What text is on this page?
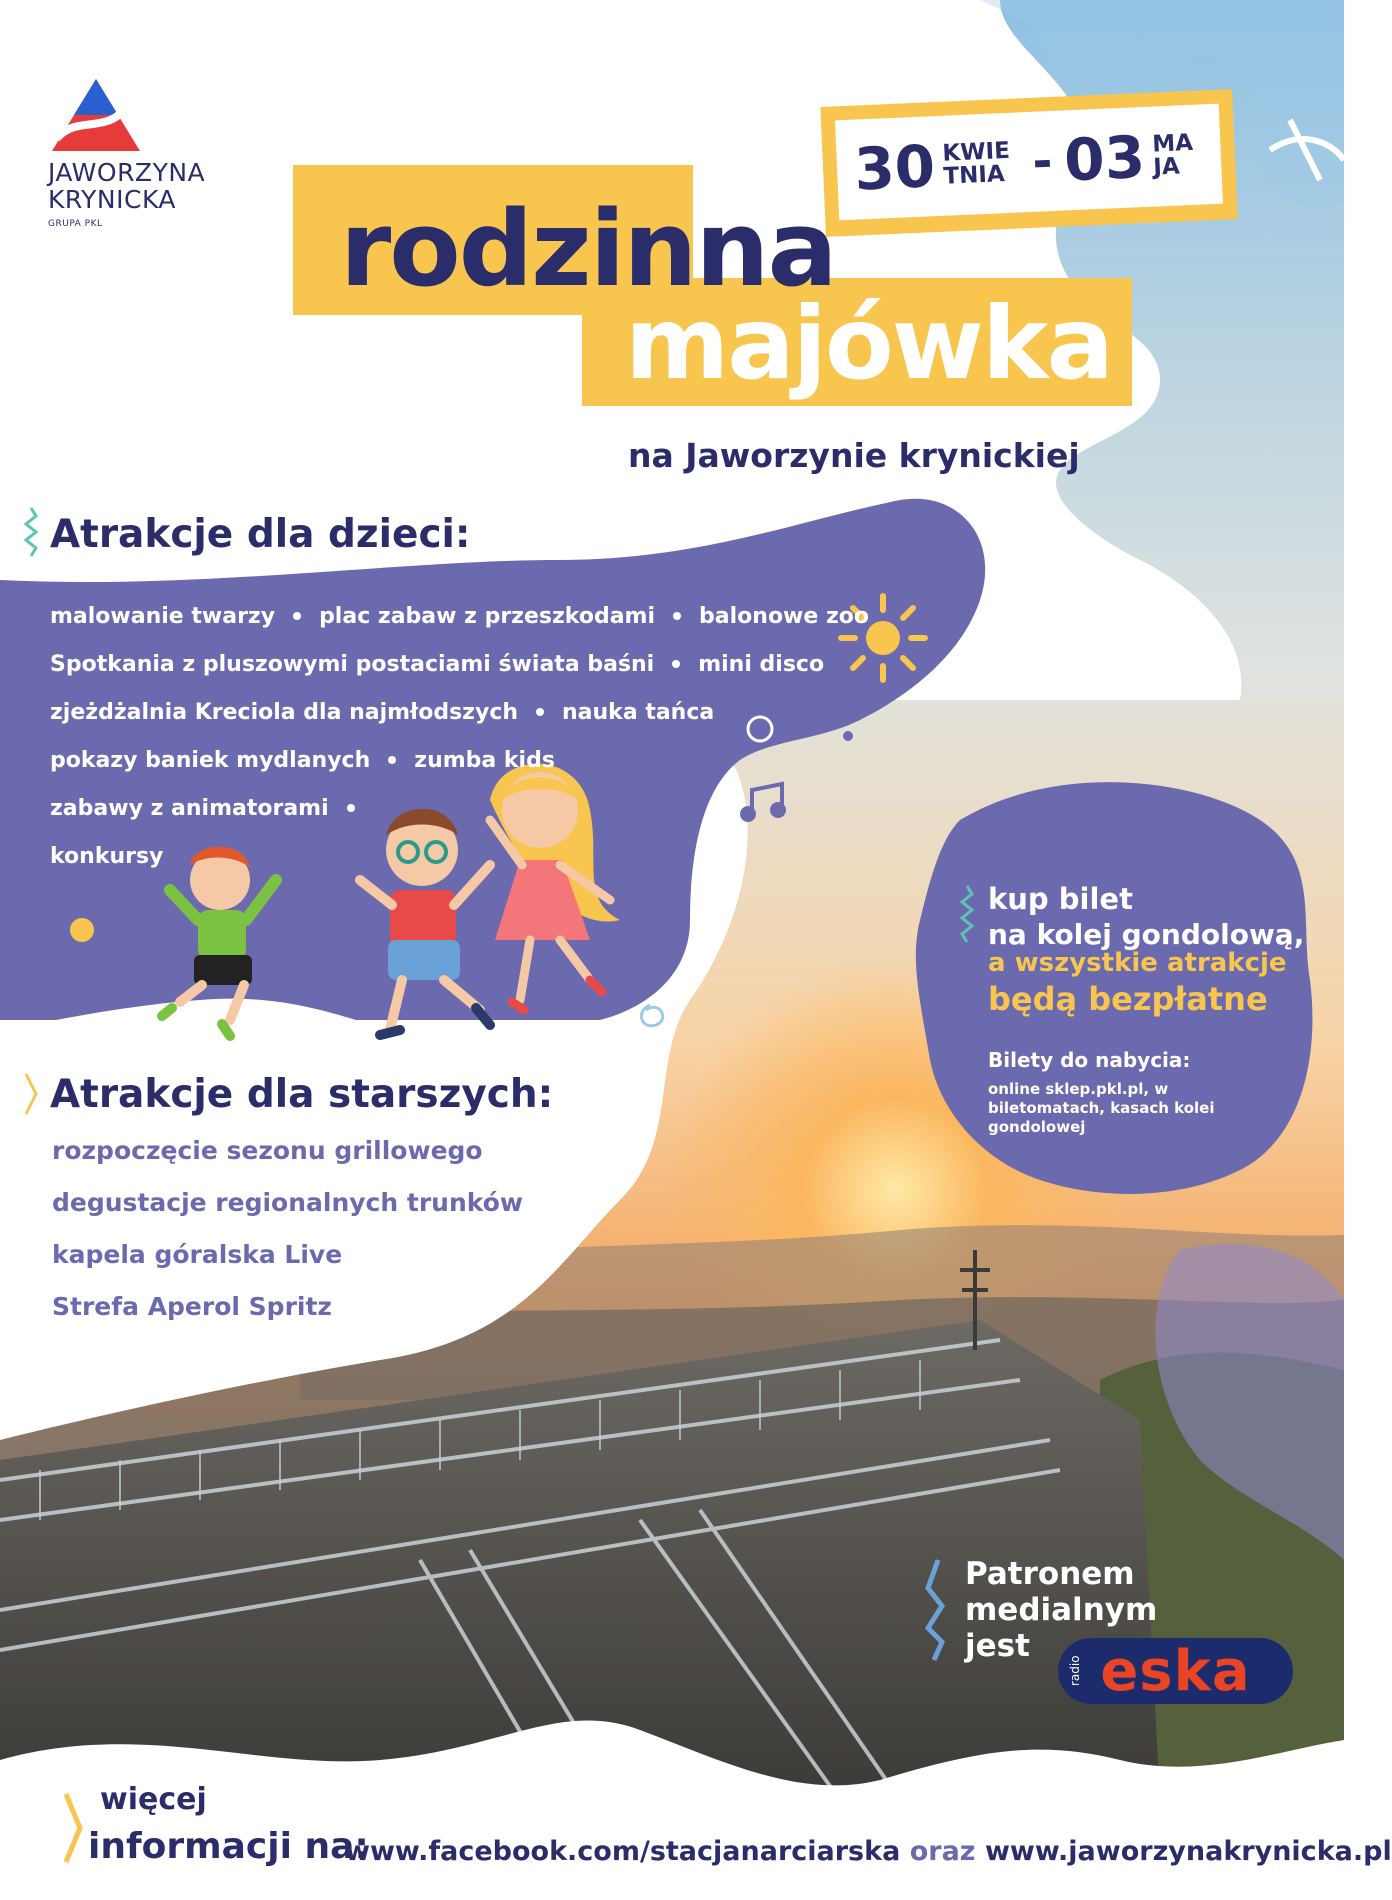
JAWORZYNA
KRYNICKA
GRUPA PKL
30 KWIE
TNIA - 03 MA
JA
rodzinna
majówka
na Jaworzynie krynickiej
Atrakcje dla dzieci:
malowanie twarzy plac zabaw z przeszkodami balonowe zoo
Spotkania z pluszowymi postaciami świata baśni mini disco
zjeżdżalnia Kreciola dla najmłodszych nauka tańca
pokazy baniek mydlanych zumba kids
zabawy z animatorami
konkursy
Atrakcje dla starszych:
rozpoczęcie sezonu grillowego
degustacje regionalnych trunków
kapela góralska Live
Strefa Aperol Spritz
kup bilet
na kolej gondolową,
a wszystkie atrakcje
będą bezpłatne
Bilety do nabycia:
online sklep.pkl.pl, w biletomatach, kasach kolei gondolowej
Patronem
medialnym
jest
radio eska
więcej
informacji na:
www.facebook.com/stacjanarciarska oraz www.jaworzynakrynicka.pl
